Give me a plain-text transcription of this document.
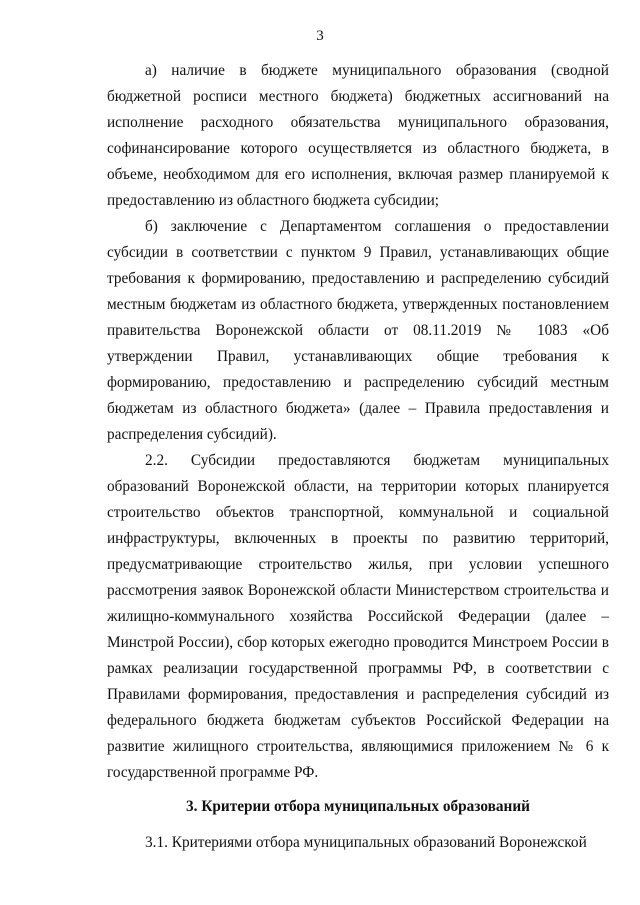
3

а) наличие в бюджете муниципального образования (сводной бюджетной росписи местного бюджета) бюджетных ассигнований на исполнение расходного обязательства муниципального образования, софинансирование которого осуществляется из областного бюджета, в объеме, необходимом для его исполнения, включая размер планируемой к предоставлению из областного бюджета субсидии;

б) заключение с Департаментом соглашения о предоставлении субсидии в соответствии с пунктом 9 Правил, устанавливающих общие требования к формированию, предоставлению и распределению субсидий местным бюджетам из областного бюджета, утвержденных постановлением правительства Воронежской области от 08.11.2019 № 1083 «Об утверждении Правил, устанавливающих общие требования к формированию, предоставлению и распределению субсидий местным бюджетам из областного бюджета» (далее – Правила предоставления и распределения субсидий).

2.2. Субсидии предоставляются бюджетам муниципальных образований Воронежской области, на территории которых планируется строительство объектов транспортной, коммунальной и социальной инфраструктуры, включенных в проекты по развитию территорий, предусматривающие строительство жилья, при условии успешного рассмотрения заявок Воронежской области Министерством строительства и жилищно-коммунального хозяйства Российской Федерации (далее – Минстрой России), сбор которых ежегодно проводится Минстроем России в рамках реализации государственной программы РФ, в соответствии с Правилами формирования, предоставления и распределения субсидий из федерального бюджета бюджетам субъектов Российской Федерации на развитие жилищного строительства, являющимися приложением № 6 к государственной программе РФ.

3. Критерии отбора муниципальных образований

3.1. Критериями отбора муниципальных образований Воронежской
